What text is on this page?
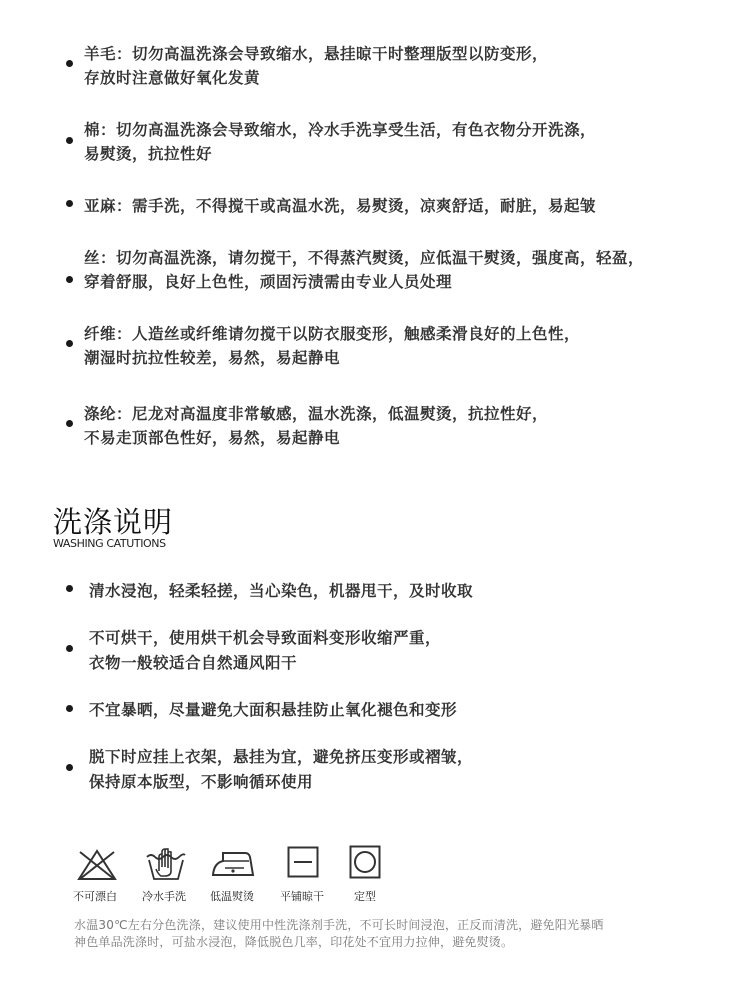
羊毛：切勿高温洗涤会导致缩水，悬挂晾干时整理版型以防变形，
存放时注意做好氧化发黄
棉：切勿高温洗涤会导致缩水，冷水手洗享受生活，有色衣物分开洗涤，
易熨烫，抗拉性好
亚麻：需手洗，不得搅干或高温水洗，易熨烫，凉爽舒适，耐脏，易起皱
丝：切勿高温洗涤，请勿搅干，不得蒸汽熨烫，应低温干熨烫，强度高，轻盈，
穿着舒服，良好上色性，顽固污渍需由专业人员处理
纤维：人造丝或纤维请勿搅干以防衣服变形，触感柔滑良好的上色性，
潮湿时抗拉性较差，易然，易起静电
涤纶：尼龙对高温度非常敏感，温水洗涤，低温熨烫，抗拉性好，
不易走顶部色性好，易然，易起静电
洗涤说明
WASHING CATUTIONS
清水浸泡，轻柔轻搓，当心染色，机器甩干，及时收取
不可烘干，使用烘干机会导致面料变形收缩严重，
衣物一般较适合自然通风阳干
不宜暴晒，尽量避免大面积悬挂防止氧化褪色和变形
脱下时应挂上衣架，悬挂为宜，避免挤压变形或褶皱，
保持原本版型，不影响循环使用
不可漂白 冷水手洗 低温熨烫 平铺晾干	定型
水温30℃左右分色洗涤，建议使用中性洗涤剂手洗，不可长时间浸泡，正反而清洗，避免阳光暴晒
神色单品洗涤时，可盐水浸泡，降低脱色几率，印花处不宜用力拉伸，避免熨烫。
